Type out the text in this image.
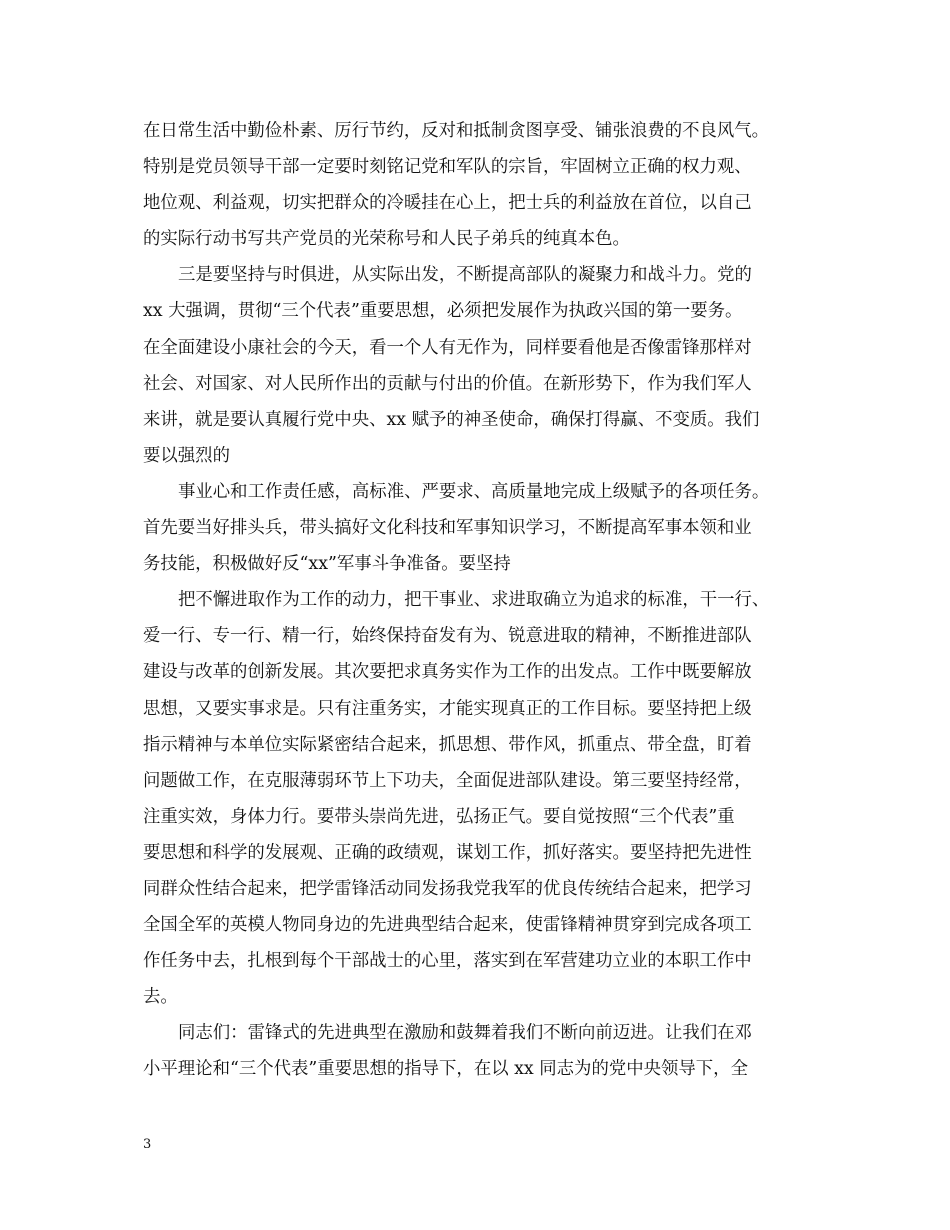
在日常生活中勤俭朴素、厉行节约，反对和抵制贪图享受、铺张浪费的不良风气。
特别是党员领导干部一定要时刻铭记党和军队的宗旨，牢固树立正确的权力观、
地位观、利益观，切实把群众的冷暖挂在心上，把士兵的利益放在首位，以自己
的实际行动书写共产党员的光荣称号和人民子弟兵的纯真本色。
三是要坚持与时俱进，从实际出发，不断提高部队的凝聚力和战斗力。党的
xx 大强调，贯彻“三个代表”重要思想，必须把发展作为执政兴国的第一要务。
在全面建设小康社会的今天，看一个人有无作为，同样要看他是否像雷锋那样对
社会、对国家、对人民所作出的贡献与付出的价值。在新形势下，作为我们军人
来讲，就是要认真履行党中央、xx 赋予的神圣使命，确保打得赢、不变质。我们
要以强烈的
事业心和工作责任感，高标准、严要求、高质量地完成上级赋予的各项任务。
首先要当好排头兵，带头搞好文化科技和军事知识学习，不断提高军事本领和业
务技能，积极做好反“xx”军事斗争准备。要坚持
把不懈进取作为工作的动力，把干事业、求进取确立为追求的标准，干一行、
爱一行、专一行、精一行，始终保持奋发有为、锐意进取的精神，不断推进部队
建设与改革的创新发展。其次要把求真务实作为工作的出发点。工作中既要解放
思想，又要实事求是。只有注重务实，才能实现真正的工作目标。要坚持把上级
指示精神与本单位实际紧密结合起来，抓思想、带作风，抓重点、带全盘，盯着
问题做工作，在克服薄弱环节上下功夫，全面促进部队建设。第三要坚持经常，
注重实效，身体力行。要带头崇尚先进，弘扬正气。要自觉按照“三个代表”重
要思想和科学的发展观、正确的政绩观，谋划工作，抓好落实。要坚持把先进性
同群众性结合起来，把学雷锋活动同发扬我党我军的优良传统结合起来，把学习
全国全军的英模人物同身边的先进典型结合起来，使雷锋精神贯穿到完成各项工
作任务中去，扎根到每个干部战士的心里，落实到在军营建功立业的本职工作中
去。
同志们：雷锋式的先进典型在激励和鼓舞着我们不断向前迈进。让我们在邓
小平理论和“三个代表”重要思想的指导下，在以 xx 同志为的党中央领导下，全
3
